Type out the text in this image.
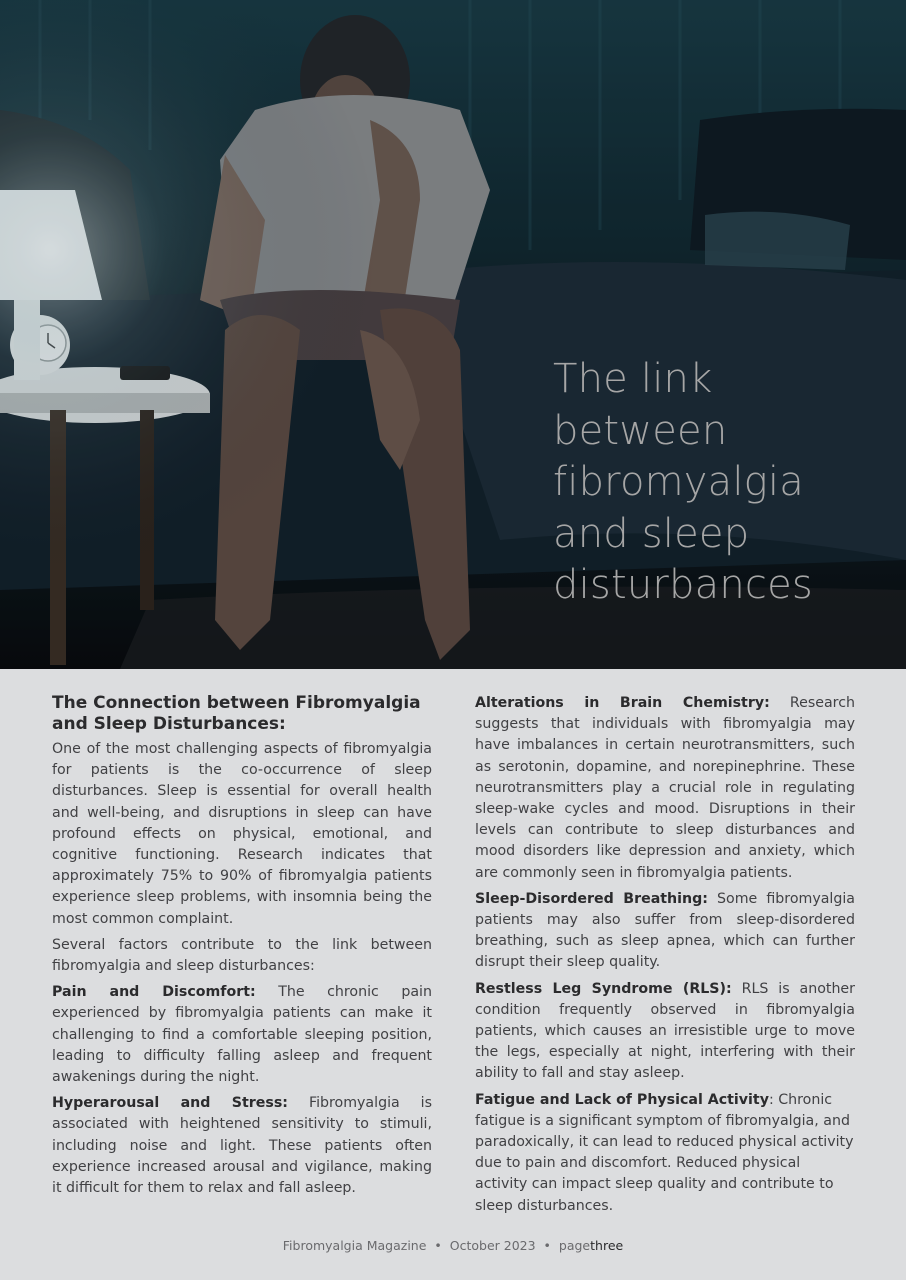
The link
between
fibromyalgia
and sleep
disturbances
The Connection between Fibromyalgia and Sleep Disturbances:

One of the most challenging aspects of fibromyalgia for patients is the co-occurrence of sleep disturbances. Sleep is essential for overall health and well-being, and disruptions in sleep can have profound effects on physical, emotional, and cognitive functioning. Research indicates that approximately 75% to 90% of fibromyalgia patients experience sleep problems, with insomnia being the most common complaint.

Several factors contribute to the link between fibromyalgia and sleep disturbances:

Pain and Discomfort: The chronic pain experienced by fibromyalgia patients can make it challenging to find a comfortable sleeping position, leading to difficulty falling asleep and frequent awakenings during the night.

Hyperarousal and Stress: Fibromyalgia is associated with heightened sensitivity to stimuli, including noise and light. These patients often experience increased arousal and vigilance, making it difficult for them to relax and fall asleep.

Alterations in Brain Chemistry: Research suggests that individuals with fibromyalgia may have imbalances in certain neurotransmitters, such as serotonin, dopamine, and norepinephrine. These neurotransmitters play a crucial role in regulating sleep-wake cycles and mood. Disruptions in their levels can contribute to sleep disturbances and mood disorders like depression and anxiety, which are commonly seen in fibromyalgia patients.

Sleep-Disordered Breathing: Some fibromyalgia patients may also suffer from sleep-disordered breathing, such as sleep apnea, which can further disrupt their sleep quality.

Restless Leg Syndrome (RLS): RLS is another condition frequently observed in fibromyalgia patients, which causes an irresistible urge to move the legs, especially at night, interfering with their ability to fall and stay asleep.

Fatigue and Lack of Physical Activity: Chronic fatigue is a significant symptom of fibromyalgia, and paradoxically, it can lead to reduced physical activity due to pain and discomfort. Reduced physical activity can impact sleep quality and contribute to sleep disturbances.

Fibromyalgia Magazine • October 2023 • pagethree
